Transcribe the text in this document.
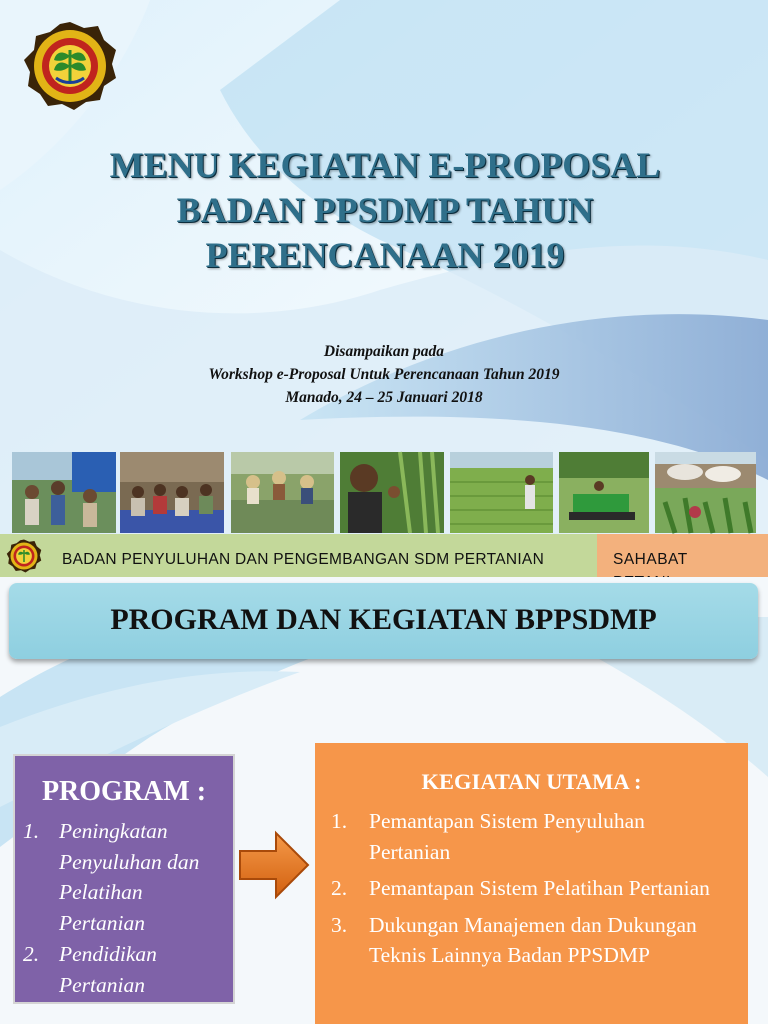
MENU KEGIATAN E-PROPOSAL
BADAN PPSDMP TAHUN
PERENCANAAN 2019
Disampaikan pada
Workshop e-Proposal Untuk Perencanaan Tahun 2019
Manado, 24 – 25 Januari 2018
BADAN PENYULUHAN DAN PENGEMBANGAN SDM PERTANIAN	SAHABAT
PROGRAM DAN KEGIATAN BPPSDMP
PROGRAM :
1. Peningkatan Penyuluhan dan Pelatihan Pertanian
2. Pendidikan Pertanian
KEGIATAN UTAMA :
1. Pemantapan Sistem Penyuluhan Pertanian
2. Pemantapan Sistem Pelatihan Pertanian
3. Dukungan Manajemen dan Dukungan Teknis Lainnya Badan PPSDMP
